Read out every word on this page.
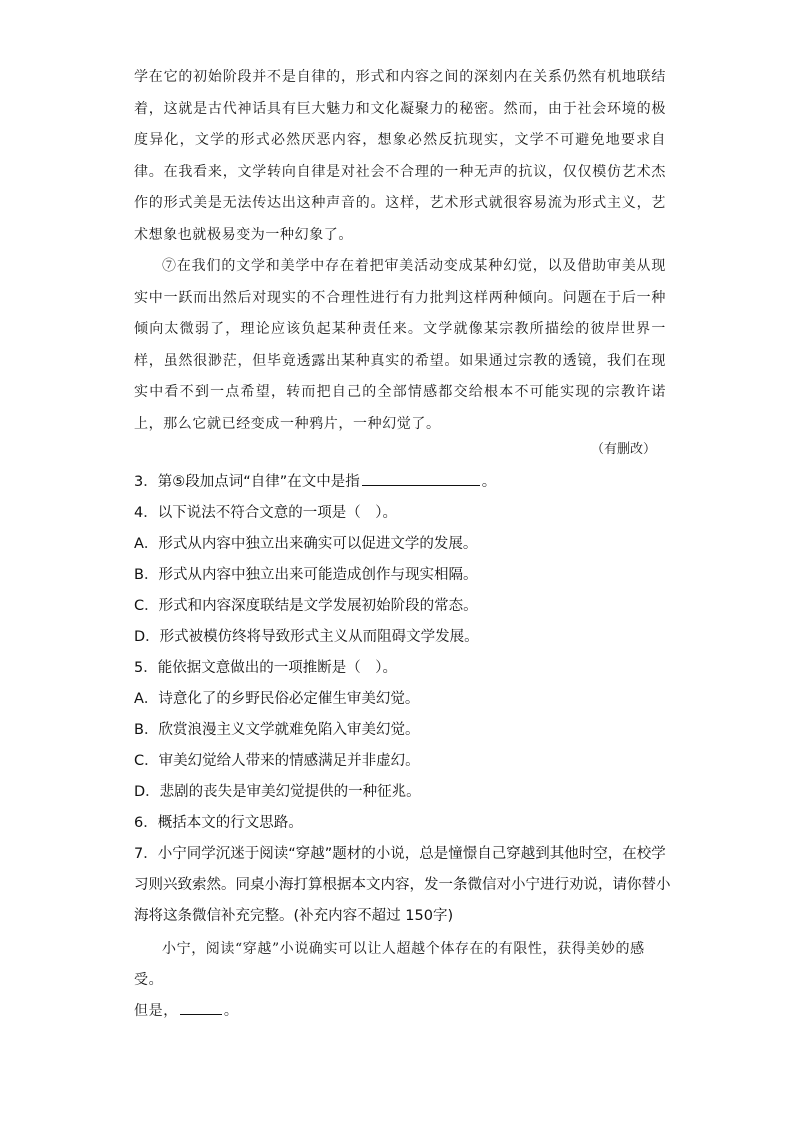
学在它的初始阶段并不是自律的，形式和内容之间的深刻内在关系仍然有机地联结着，这就是古代神话具有巨大魅力和文化凝聚力的秘密。然而，由于社会环境的极度异化，文学的形式必然厌恶内容，想象必然反抗现实，文学不可避免地要求自律。在我看来，文学转向自律是对社会不合理的一种无声的抗议，仅仅模仿艺术杰作的形式美是无法传达出这种声音的。这样，艺术形式就很容易流为形式主义，艺术想象也就极易变为一种幻象了。

⑦在我们的文学和美学中存在着把审美活动变成某种幻觉，以及借助审美从现实中一跃而出然后对现实的不合理性进行有力批判这样两种倾向。问题在于后一种倾向太微弱了，理论应该负起某种责任来。文学就像某宗教所描绘的彼岸世界一样，虽然很渺茫，但毕竟透露出某种真实的希望。如果通过宗教的透镜，我们在现实中看不到一点希望，转而把自己的全部情感都交给根本不可能实现的宗教许诺上，那么它就已经变成一种鸦片，一种幻觉了。

（有删改）

3．第⑤段加点词“自律”在文中是指	。

4．以下说法不符合文意的一项是（　）。

A．形式从内容中独立出来确实可以促进文学的发展。

B．形式从内容中独立出来可能造成创作与现实相隔。

C．形式和内容深度联结是文学发展初始阶段的常态。

D．形式被模仿终将导致形式主义从而阻碍文学发展。

5．能依据文意做出的一项推断是（　）。

A．诗意化了的乡野民俗必定催生审美幻觉。

B．欣赏浪漫主义文学就难免陷入审美幻觉。

C．审美幻觉给人带来的情感满足并非虚幻。

D．悲剧的丧失是审美幻觉提供的一种征兆。

6．概括本文的行文思路。

7．小宁同学沉迷于阅读“穿越”题材的小说，总是憧憬自己穿越到其他时空，在校学习则兴致索然。同桌小海打算根据本文内容，发一条微信对小宁进行劝说，请你替小海将这条微信补充完整。(补充内容不超过 150字)

小宁，阅读“穿越”小说确实可以让人超越个体存在的有限性，获得美妙的感受。

但是，	。
